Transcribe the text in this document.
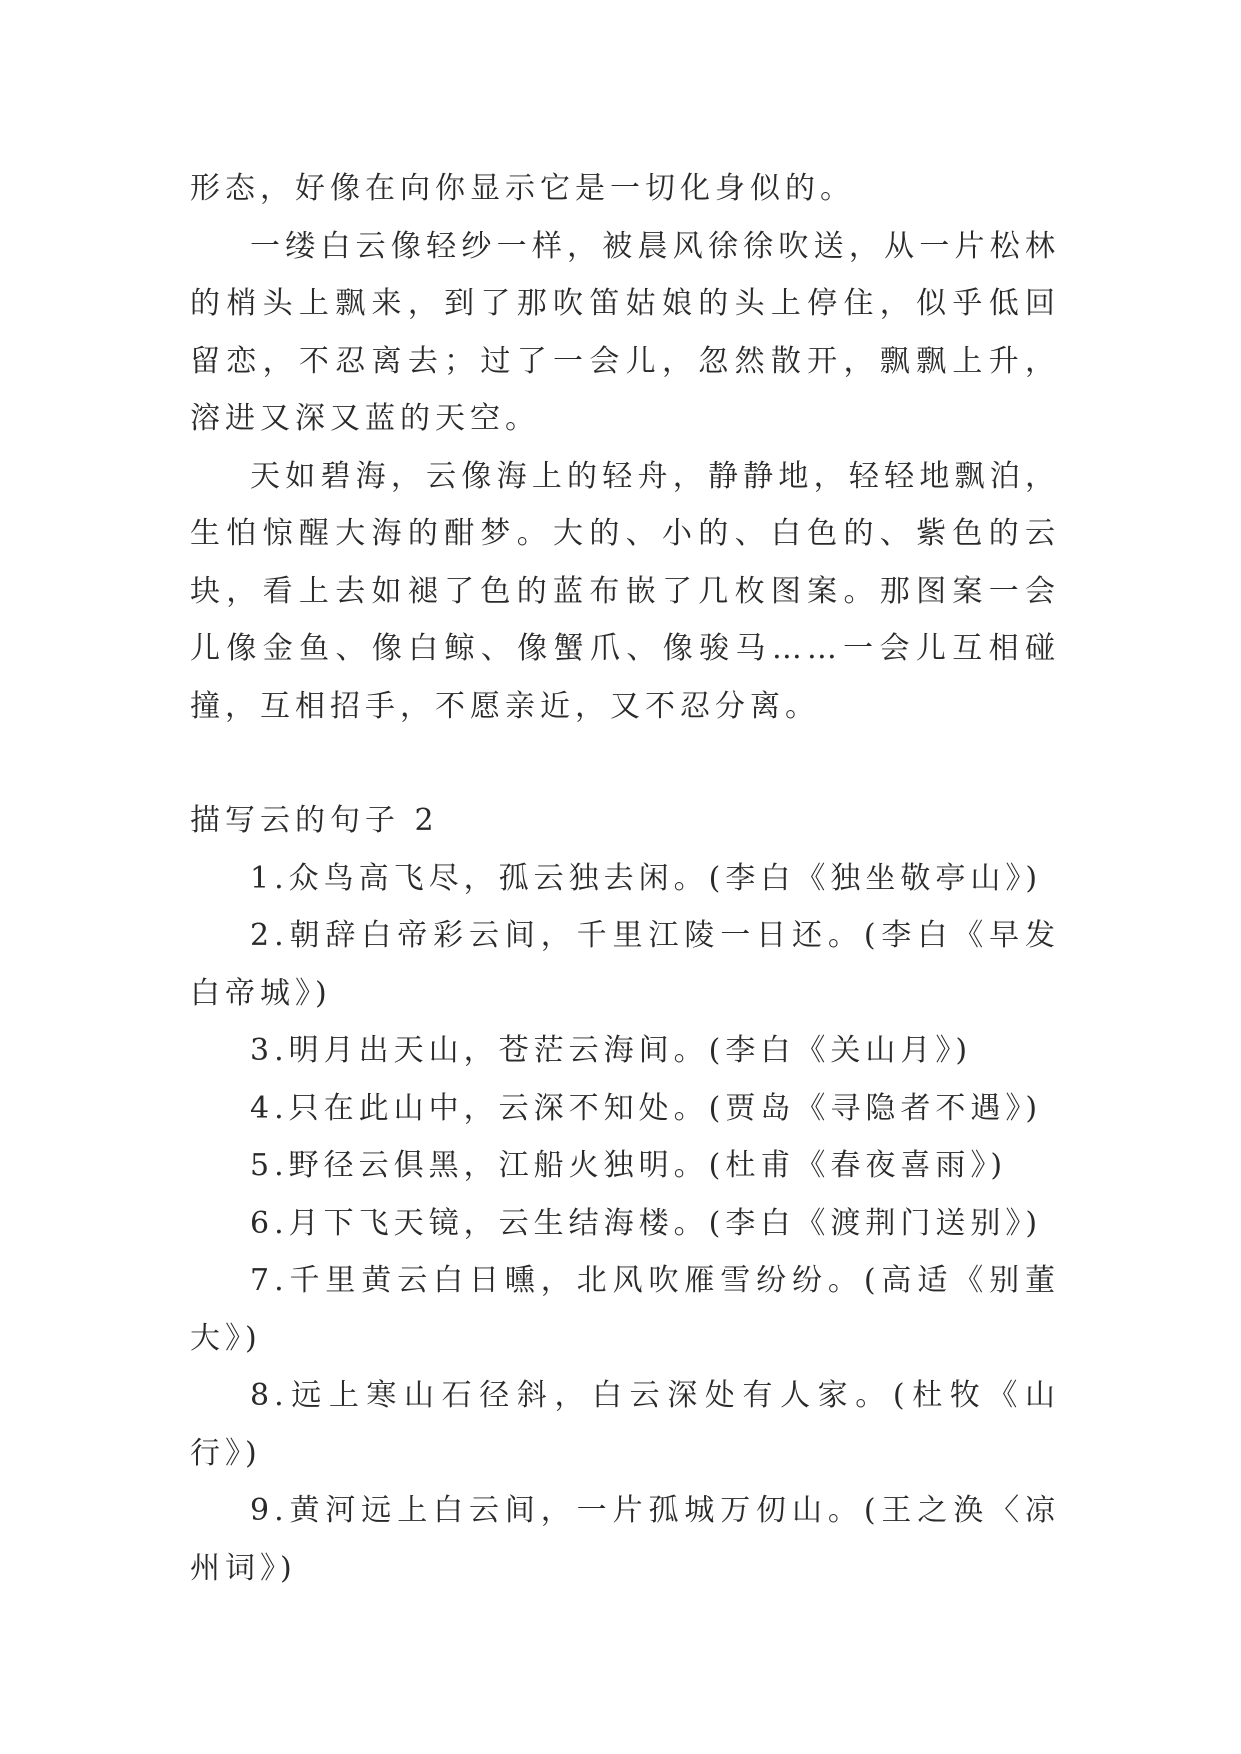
形态，好像在向你显示它是一切化身似的。

一缕白云像轻纱一样，被晨风徐徐吹送，从一片松林的梢头上飘来，到了那吹笛姑娘的头上停住，似乎低回留恋，不忍离去；过了一会儿，忽然散开，飘飘上升，溶进又深又蓝的天空。

天如碧海，云像海上的轻舟，静静地，轻轻地飘泊，生怕惊醒大海的酣梦。大的、小的、白色的、紫色的云块，看上去如褪了色的蓝布嵌了几枚图案。那图案一会儿像金鱼、像白鲸、像蟹爪、像骏马……一会儿互相碰撞，互相招手，不愿亲近，又不忍分离。

描写云的句子 2

1.众鸟高飞尽，孤云独去闲。(李白《独坐敬亭山》)

2.朝辞白帝彩云间，千里江陵一日还。(李白《早发白帝城》)

3.明月出天山，苍茫云海间。(李白《关山月》)

4.只在此山中，云深不知处。(贾岛《寻隐者不遇》)

5.野径云俱黑，江船火独明。(杜甫《春夜喜雨》)

6.月下飞天镜，云生结海楼。(李白《渡荆门送别》)

7.千里黄云白日曛，北风吹雁雪纷纷。(高适《别董大》)

8.远上寒山石径斜，白云深处有人家。(杜牧《山行》)

9.黄河远上白云间，一片孤城万仞山。(王之涣〈凉州词》)
